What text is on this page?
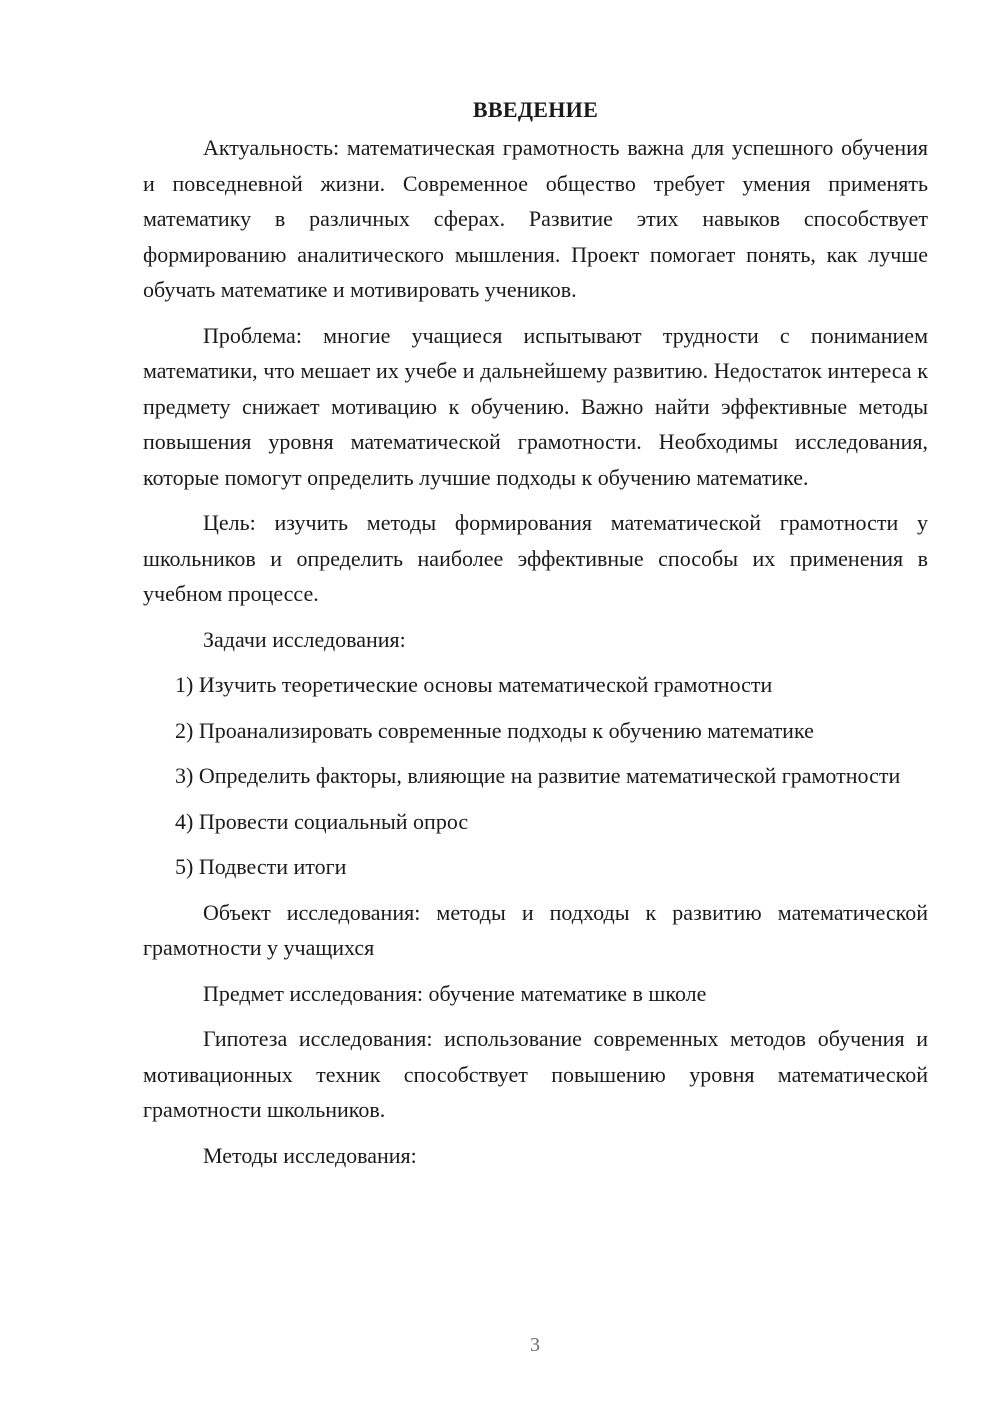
ВВЕДЕНИЕ

Актуальность: математическая грамотность важна для успешного обучения и повседневной жизни. Современное общество требует умения применять математику в различных сферах. Развитие этих навыков способствует формированию аналитического мышления. Проект помогает понять, как лучше обучать математике и мотивировать учеников.

Проблема: многие учащиеся испытывают трудности с пониманием математики, что мешает их учебе и дальнейшему развитию. Недостаток интереса к предмету снижает мотивацию к обучению. Важно найти эффективные методы повышения уровня математической грамотности. Необходимы исследования, которые помогут определить лучшие подходы к обучению математике.

Цель: изучить методы формирования математической грамотности у школьников и определить наиболее эффективные способы их применения в учебном процессе.

Задачи исследования:

1) Изучить теоретические основы математической грамотности

2) Проанализировать современные подходы к обучению математике

3) Определить факторы, влияющие на развитие математической грамотности

4) Провести социальный опрос

5) Подвести итоги

Объект исследования: методы и подходы к развитию математической грамотности у учащихся

Предмет исследования: обучение математике в школе

Гипотеза исследования: использование современных методов обучения и мотивационных техник способствует повышению уровня математической грамотности школьников.

Методы исследования:

3
